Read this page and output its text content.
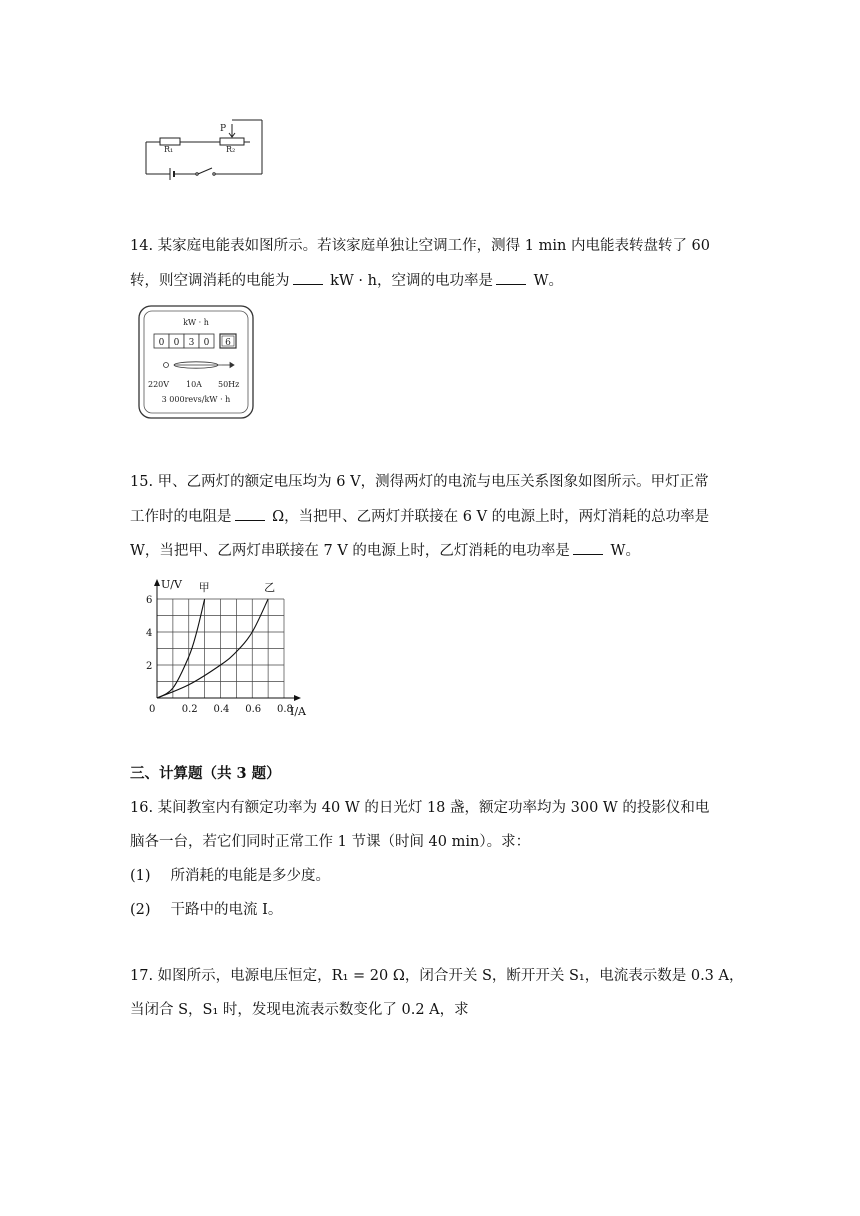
P
R₁	R₂
14. 某家庭电能表如图所示。若该家庭单独让空调工作，测得 1 min 内电能表转盘转了 60
转，则空调消耗的电能为 kW · h，空调的电功率是 W。
kW · h
0 0 3 0 6
220V 10A 50Hz
3 000revs/kW · h
15. 甲、乙两灯的额定电压均为 6 V，测得两灯的电流与电压关系图象如图所示。甲灯正常
工作时的电阻是 Ω，当把甲、乙两灯并联接在 6 V 的电源上时，两灯消耗的总功率是
W，当把甲、乙两灯串联接在 7 V 的电源上时，乙灯消耗的电功率是 W。
U/V
I/A
0	0.2 0.4 0.6 0.8
2
4
6
甲	乙
三、计算题（共 3 题）
16. 某间教室内有额定功率为 40 W 的日光灯 18 盏，额定功率均为 300 W 的投影仪和电
脑各一台，若它们同时正常工作 1 节课（时间 40 min）。求：
(1) 所消耗的电能是多少度。
(2) 干路中的电流 I。
17. 如图所示，电源电压恒定，R₁ = 20 Ω，闭合开关 S，断开开关 S₁，电流表示数是 0.3 A，
当闭合 S，S₁ 时，发现电流表示数变化了 0.2 A，求
